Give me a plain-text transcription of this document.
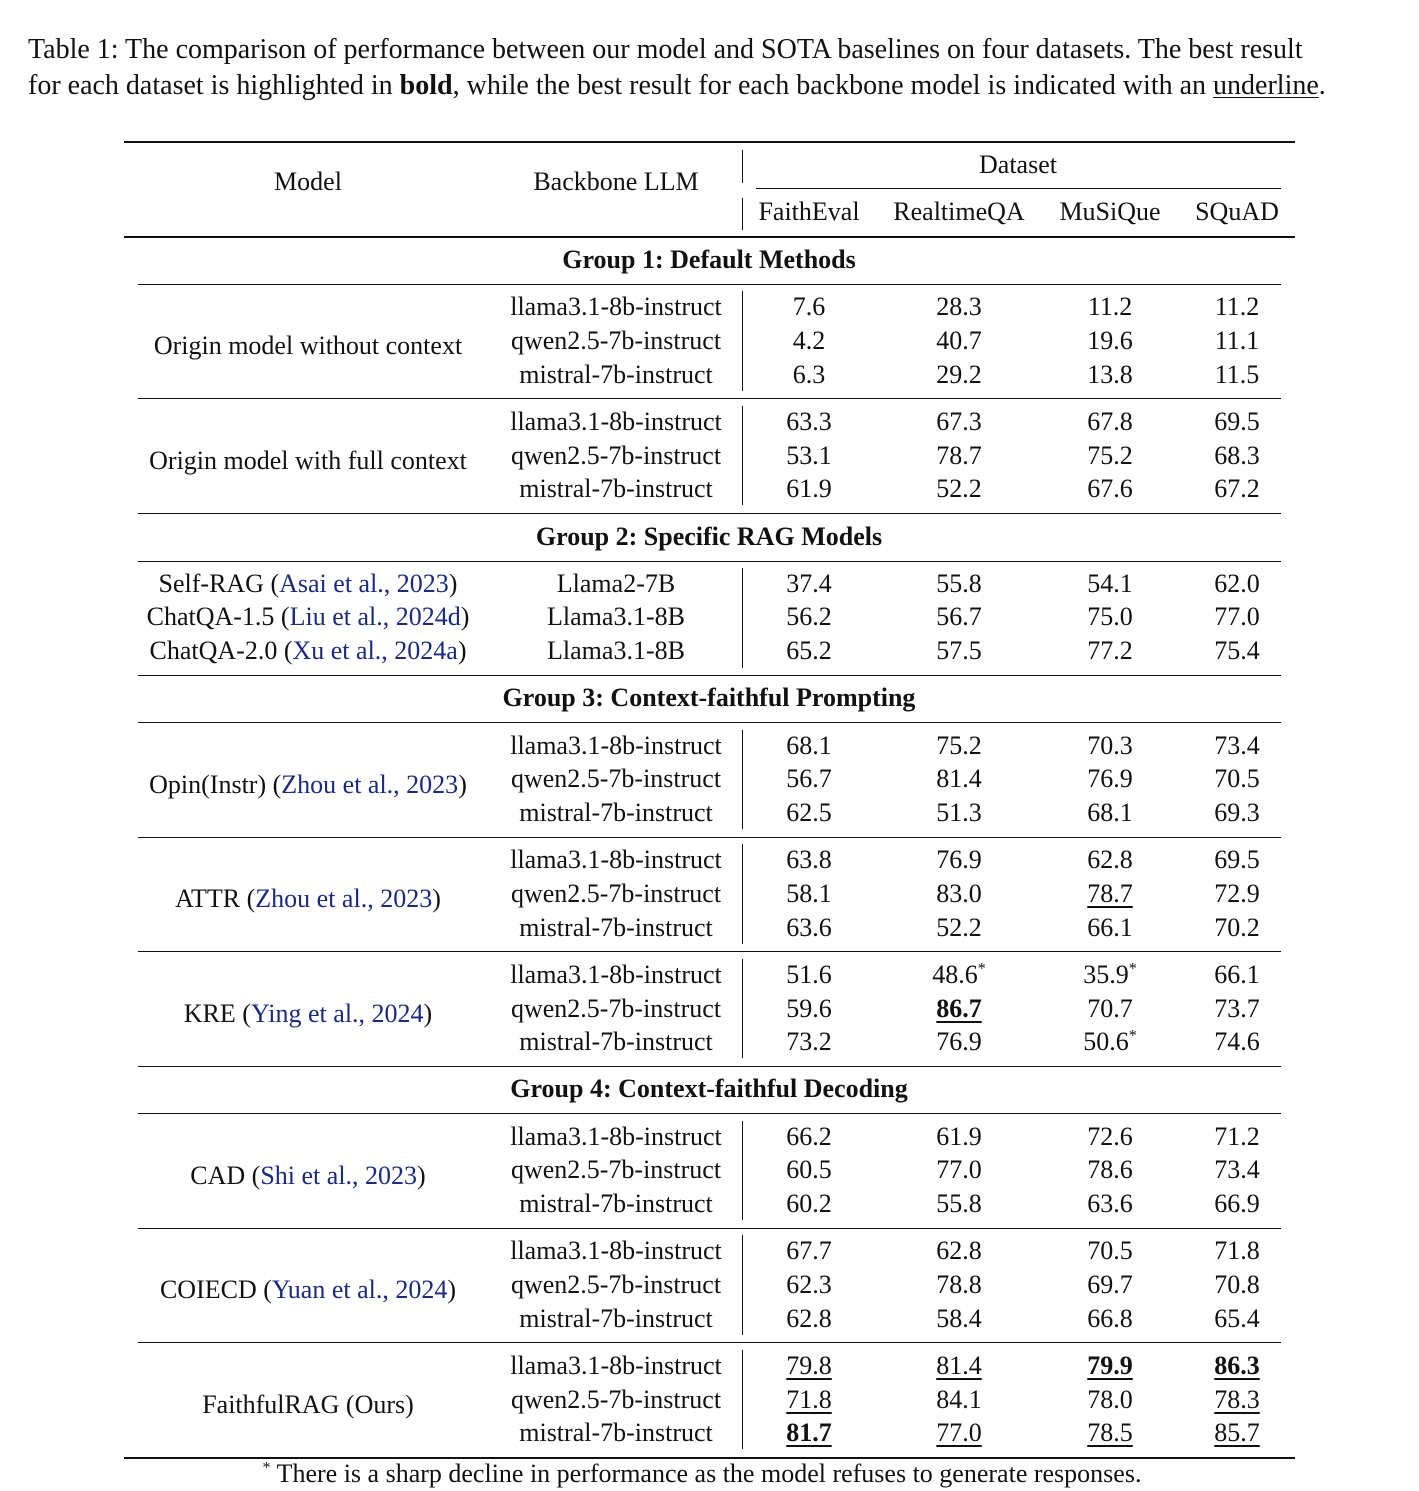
Table 1: The comparison of performance between our model and SOTA baselines on four datasets. The best result
for each dataset is highlighted in bold, while the best result for each backbone model is indicated with an underline.
Model	Backbone LLM
Dataset
FaithEval RealtimeQA MuSiQue SQuAD
Group 1: Default Methods
Origin model without context
llama3.1-8b-instruct	7.6	28.3	11.2	11.2
qwen2.5-7b-instruct	4.2	40.7	19.6	11.1
mistral-7b-instruct	6.3	29.2	13.8	11.5
Origin model with full context
llama3.1-8b-instruct 63.3	67.3	67.8	69.5
qwen2.5-7b-instruct	53.1	78.7	75.2	68.3
mistral-7b-instruct	61.9	52.2	67.6	67.2
Group 2: Specific RAG Models
Self-RAG (Asai et al., 2023)	Llama2-7B	37.4	55.8	54.1	62.0
ChatQA-1.5 (Liu et al., 2024d)	Llama3.1-8B	56.2	56.7	75.0	77.0
ChatQA-2.0 (Xu et al., 2024a)	Llama3.1-8B	65.2	57.5	77.2	75.4
Group 3: Context-faithful Prompting
Opin(Instr) (Zhou et al., 2023)
llama3.1-8b-instruct 68.1	75.2	70.3	73.4
qwen2.5-7b-instruct	56.7	81.4	76.9	70.5
mistral-7b-instruct	62.5	51.3	68.1	69.3
ATTR (Zhou et al., 2023)
llama3.1-8b-instruct 63.8	76.9	62.8	69.5
qwen2.5-7b-instruct	58.1	83.0	78.7	72.9
mistral-7b-instruct	63.6	52.2	66.1	70.2
KRE (Ying et al., 2024)
llama3.1-8b-instruct 51.6	48.6*	35.9*	66.1
qwen2.5-7b-instruct	59.6	86.7	70.7	73.7
mistral-7b-instruct	73.2	76.9	50.6*	74.6
Group 4: Context-faithful Decoding
CAD (Shi et al., 2023)
llama3.1-8b-instruct 66.2	61.9	72.6	71.2
qwen2.5-7b-instruct	60.5	77.0	78.6	73.4
mistral-7b-instruct	60.2	55.8	63.6	66.9
COIECD (Yuan et al., 2024)
llama3.1-8b-instruct 67.7	62.8	70.5	71.8
qwen2.5-7b-instruct	62.3	78.8	69.7	70.8
mistral-7b-instruct	62.8	58.4	66.8	65.4
FaithfulRAG (Ours)
llama3.1-8b-instruct 79.8	81.4	79.9	86.3
qwen2.5-7b-instruct	71.8	84.1	78.0	78.3
mistral-7b-instruct	81.7	77.0	78.5	85.7
* There is a sharp decline in performance as the model refuses to generate responses.
